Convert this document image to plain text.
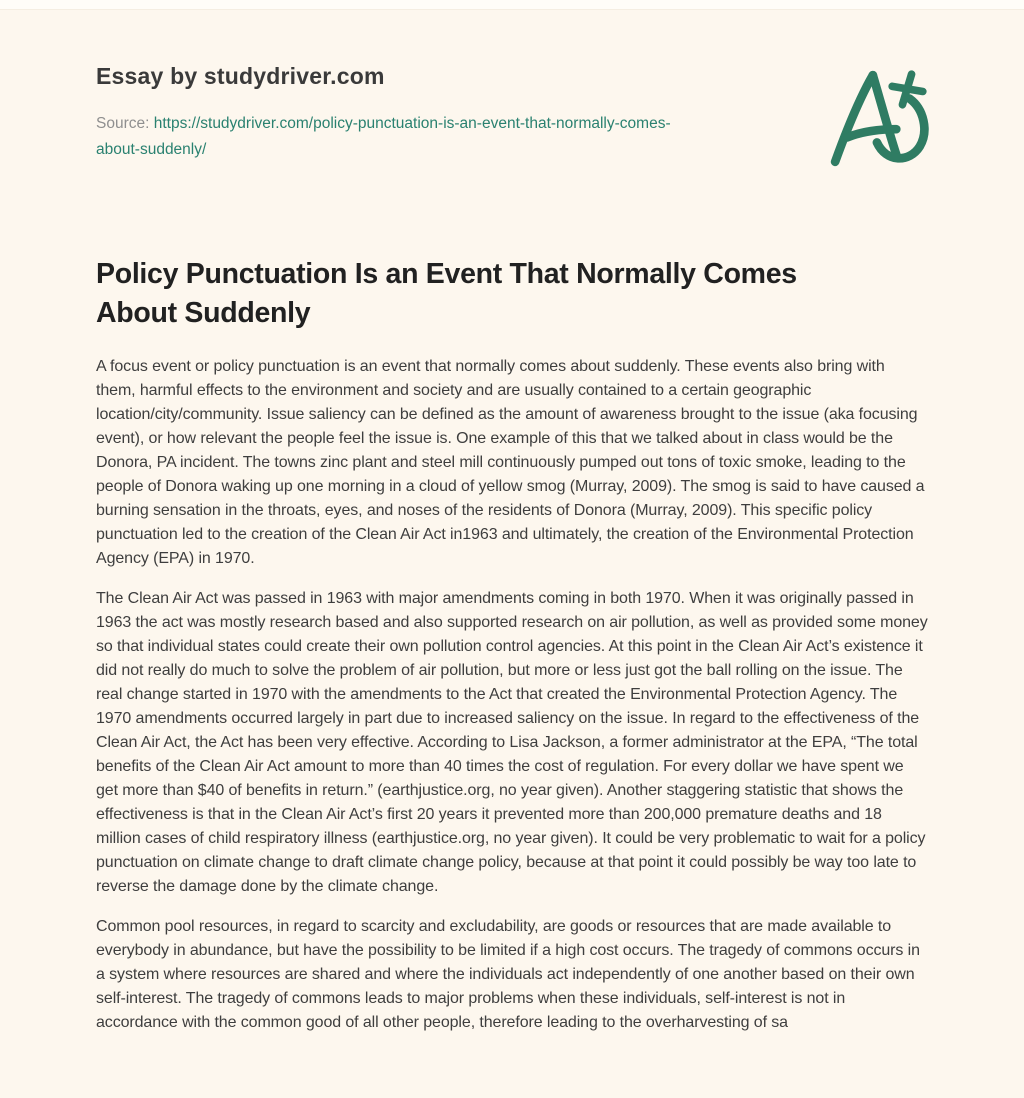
Essay by studydriver.com

Source: https://studydriver.com/policy-punctuation-is-an-event-that-normally-comes-
about-suddenly/

Policy Punctuation Is an Event That Normally Comes
About Suddenly

A focus event or policy punctuation is an event that normally comes about suddenly. These events also bring with them, harmful effects to the environment and society and are usually contained to a certain geographic location/city/community. Issue saliency can be defined as the amount of awareness brought to the issue (aka focusing event), or how relevant the people feel the issue is. One example of this that we talked about in class would be the Donora, PA incident. The towns zinc plant and steel mill continuously pumped out tons of toxic smoke, leading to the people of Donora waking up one morning in a cloud of yellow smog (Murray, 2009). The smog is said to have caused a burning sensation in the throats, eyes, and noses of the residents of Donora (Murray, 2009). This specific policy punctuation led to the creation of the Clean Air Act in1963 and ultimately, the creation of the Environmental Protection Agency (EPA) in 1970.

The Clean Air Act was passed in 1963 with major amendments coming in both 1970. When it was originally passed in 1963 the act was mostly research based and also supported research on air pollution, as well as provided some money so that individual states could create their own pollution control agencies. At this point in the Clean Air Act’s existence it did not really do much to solve the problem of air pollution, but more or less just got the ball rolling on the issue. The real change started in 1970 with the amendments to the Act that created the Environmental Protection Agency. The 1970 amendments occurred largely in part due to increased saliency on the issue. In regard to the effectiveness of the Clean Air Act, the Act has been very effective. According to Lisa Jackson, a former administrator at the EPA, “The total benefits of the Clean Air Act amount to more than 40 times the cost of regulation. For every dollar we have spent we get more than $40 of benefits in return.” (earthjustice.org, no year given). Another staggering statistic that shows the effectiveness is that in the Clean Air Act’s first 20 years it prevented more than 200,000 premature deaths and 18 million cases of child respiratory illness (earthjustice.org, no year given). It could be very problematic to wait for a policy punctuation on climate change to draft climate change policy, because at that point it could possibly be way too late to reverse the damage done by the climate change.

Common pool resources, in regard to scarcity and excludability, are goods or resources that are made available to everybody in abundance, but have the possibility to be limited if a high cost occurs. The tragedy of commons occurs in a system where resources are shared and where the individuals act independently of one another based on their own self-interest. The tragedy of commons leads to major problems when these individuals, self-interest is not in accordance with the common good of all other people, therefore leading to the overharvesting of sa
